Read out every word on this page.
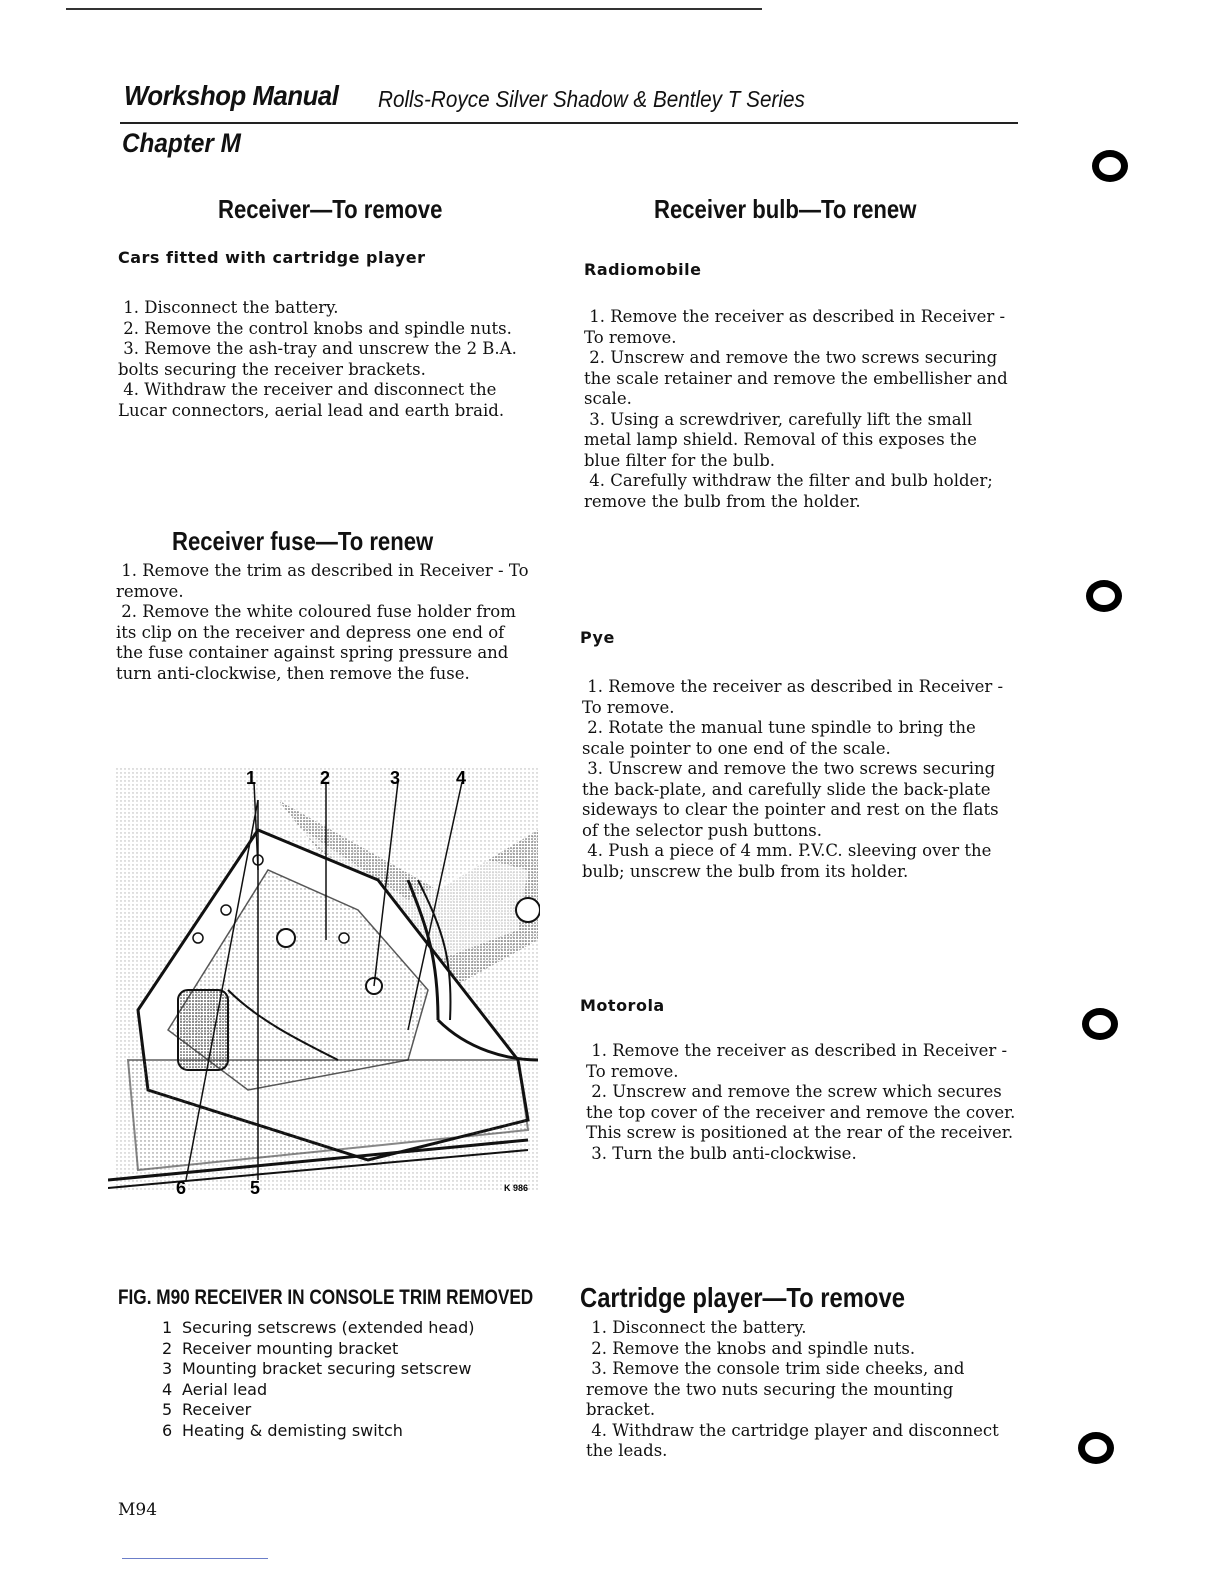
Workshop Manual Rolls-Royce Silver Shadow & Bentley T Series
Chapter M
Receiver—To remove
Cars fitted with cartridge player

1. Disconnect the battery.

2. Remove the control knobs and spindle nuts.

3. Remove the ash-tray and unscrew the 2 B.A. bolts securing the receiver brackets.

4. Withdraw the receiver and disconnect the Lucar connectors, aerial lead and earth braid.

Receiver fuse—To renew

1. Remove the trim as described in Receiver - To remove.

2. Remove the white coloured fuse holder from its clip on the receiver and depress one end of the fuse container against spring pressure and turn anti-clockwise, then remove the fuse.

1	2	3	4
5
6	K 986
FIG. M90 RECEIVER IN CONSOLE TRIM REMOVED
1 Securing setscrews (extended head)
2 Receiver mounting bracket
3 Mounting bracket securing setscrew
4 Aerial lead
5 Receiver
6 Heating & demisting switch
Receiver bulb—To renew
Radiomobile

1. Remove the receiver as described in Receiver - To remove.

2. Unscrew and remove the two screws securing the scale retainer and remove the embellisher and scale.

3. Using a screwdriver, carefully lift the small metal lamp shield. Removal of this exposes the blue filter for the bulb.

4. Carefully withdraw the filter and bulb holder; remove the bulb from the holder.

Pye

1. Remove the receiver as described in Receiver - To remove.

2. Rotate the manual tune spindle to bring the scale pointer to one end of the scale.

3. Unscrew and remove the two screws securing the back-plate, and carefully slide the back-plate sideways to clear the pointer and rest on the flats of the selector push buttons.

4. Push a piece of 4 mm. P.V.C. sleeving over the bulb; unscrew the bulb from its holder.

Motorola

1. Remove the receiver as described in Receiver - To remove.

2. Unscrew and remove the screw which secures the top cover of the receiver and remove the cover. This screw is positioned at the rear of the receiver.

3. Turn the bulb anti-clockwise.

Cartridge player—To remove

1. Disconnect the battery.

2. Remove the knobs and spindle nuts.

3. Remove the console trim side cheeks, and remove the two nuts securing the mounting bracket.

4. Withdraw the cartridge player and disconnect the leads.

M94
